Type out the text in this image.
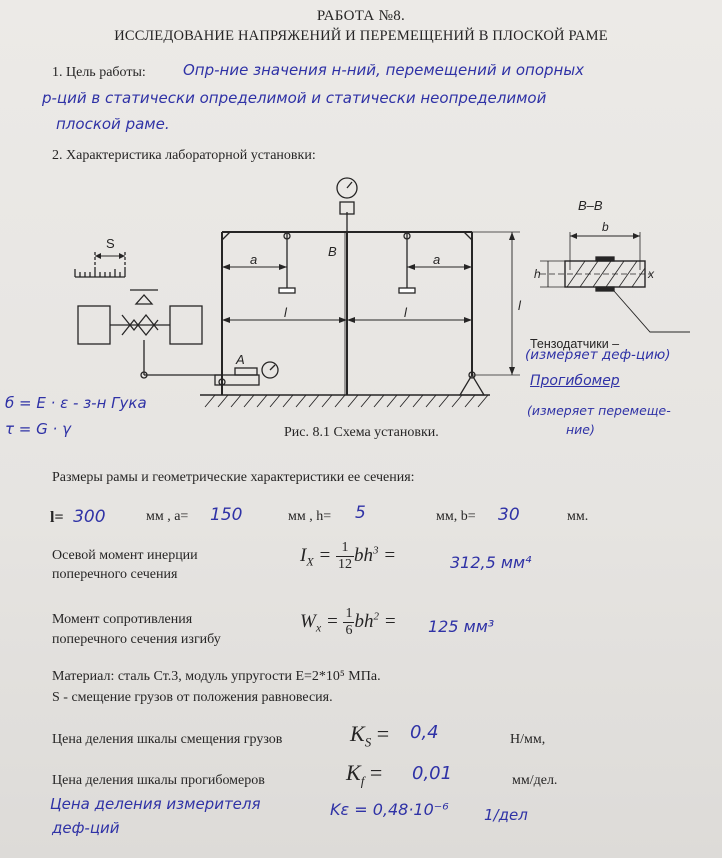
РАБОТА №8.
ИССЛЕДОВАНИЕ НАПРЯЖЕНИЙ И ПЕРЕМЕЩЕНИЙ В ПЛОСКОЙ РАМЕ
1. Цель работы: Опр-ние значения н-ний, перемещений и опорных
р-ций в статически определимой и статически неопределимой
плоской раме.
2. Характеристика лабораторной установки:
S
a	a
l	l	l
B
A
B–B
b
h	x
Тензодатчики –
(измеряет деф-цию)
Прогибомер
(измеряет перемеще-
ние)
б = E · ε - з-н Гука
τ = G · γ	Рис. 8.1 Схема установки.
Размеры рамы и геометрические характеристики ее сечения:
l= 300	мм , a= 150	мм , h= 5	мм, b= 30	мм.
Осевой момент инерции
поперечного сечения
$I_X = \frac{1}{12} bh^3$ =	312,5 мм⁴
Момент сопротивления
поперечного сечения изгибу
$W_x = \frac{1}{6} bh^2 = 125$ мм³
Материал: сталь Ст.3, модуль упругости E=2*10⁵ МПа.
S - смещение грузов от положения равновесия.
Цена деления шкалы смещения грузов	$K_S = 0,4$	Н/мм,
Цена деления шкалы прогибомеров	$K_f = 0,01$	мм/дел.
Цена деления измерителя
деф-ций
Kε = 0,48·10⁻⁶ 1/дел
